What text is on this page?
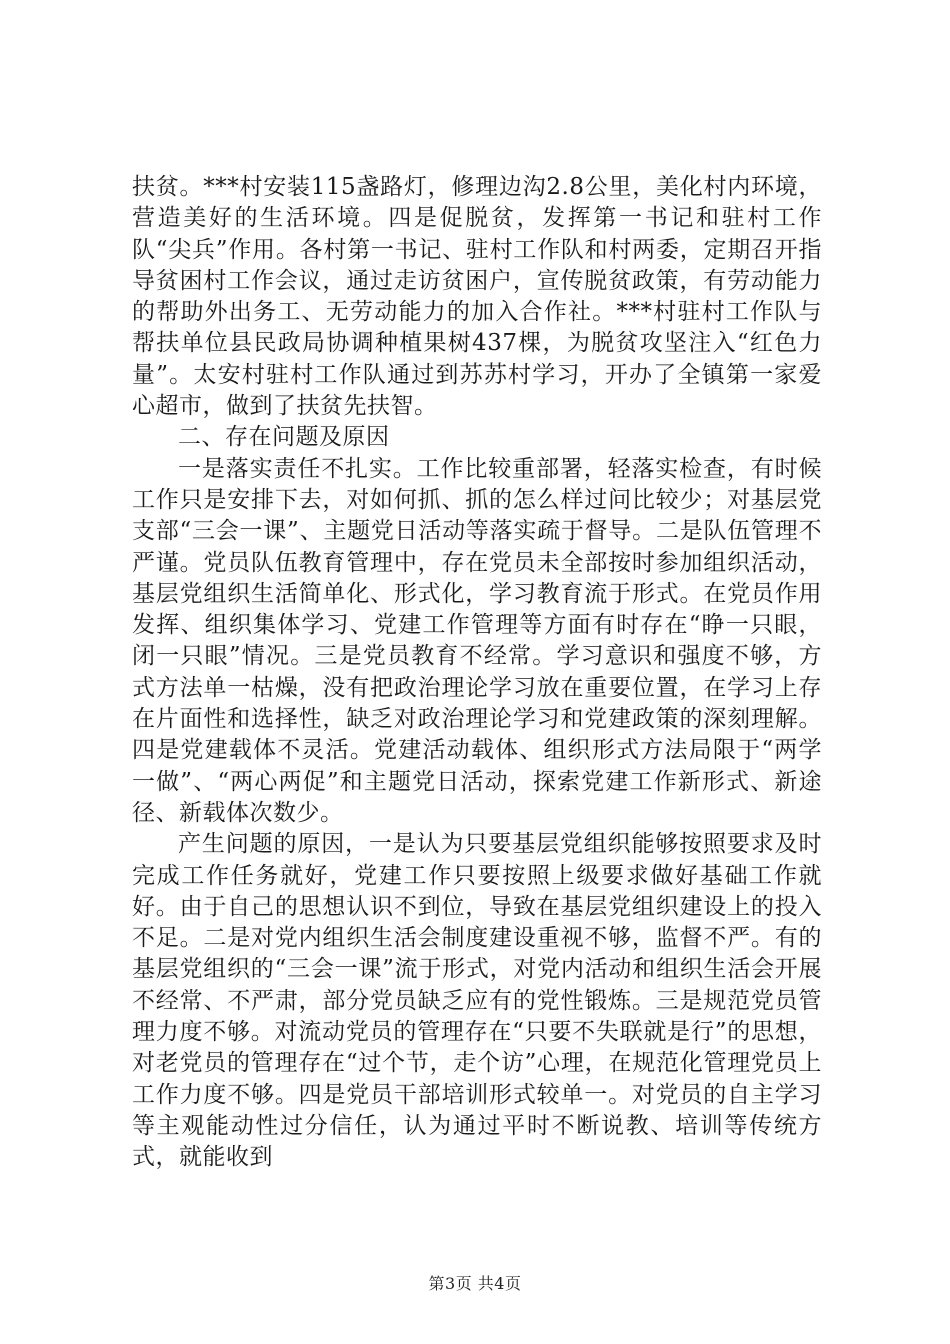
扶贫。***村安装115盏路灯，修理边沟2.8公里，美化村内环境，营造美好的生活环境。四是促脱贫，发挥第一书记和驻村工作队“尖兵”作用。各村第一书记、驻村工作队和村两委，定期召开指导贫困村工作会议，通过走访贫困户，宣传脱贫政策，有劳动能力的帮助外出务工、无劳动能力的加入合作社。***村驻村工作队与帮扶单位县民政局协调种植果树437棵，为脱贫攻坚注入“红色力量”。太安村驻村工作队通过到苏苏村学习，开办了全镇第一家爱心超市，做到了扶贫先扶智。

二、存在问题及原因

一是落实责任不扎实。工作比较重部署，轻落实检查，有时候工作只是安排下去，对如何抓、抓的怎么样过问比较少；对基层党支部“三会一课”、主题党日活动等落实疏于督导。二是队伍管理不严谨。党员队伍教育管理中，存在党员未全部按时参加组织活动，基层党组织生活简单化、形式化，学习教育流于形式。在党员作用发挥、组织集体学习、党建工作管理等方面有时存在“睁一只眼，闭一只眼”情况。三是党员教育不经常。学习意识和强度不够，方式方法单一枯燥，没有把政治理论学习放在重要位置，在学习上存在片面性和选择性，缺乏对政治理论学习和党建政策的深刻理解。四是党建载体不灵活。党建活动载体、组织形式方法局限于“两学一做”、“两心两促”和主题党日活动，探索党建工作新形式、新途径、新载体次数少。

产生问题的原因，一是认为只要基层党组织能够按照要求及时完成工作任务就好，党建工作只要按照上级要求做好基础工作就好。由于自己的思想认识不到位，导致在基层党组织建设上的投入不足。二是对党内组织生活会制度建设重视不够，监督不严。有的基层党组织的“三会一课”流于形式，对党内活动和组织生活会开展不经常、不严肃，部分党员缺乏应有的党性锻炼。三是规范党员管理力度不够。对流动党员的管理存在“只要不失联就是行”的思想，对老党员的管理存在“过个节，走个访”心理，在规范化管理党员上工作力度不够。四是党员干部培训形式较单一。对党员的自主学习等主观能动性过分信任，认为通过平时不断说教、培训等传统方式，就能收到

第3页 共4页
